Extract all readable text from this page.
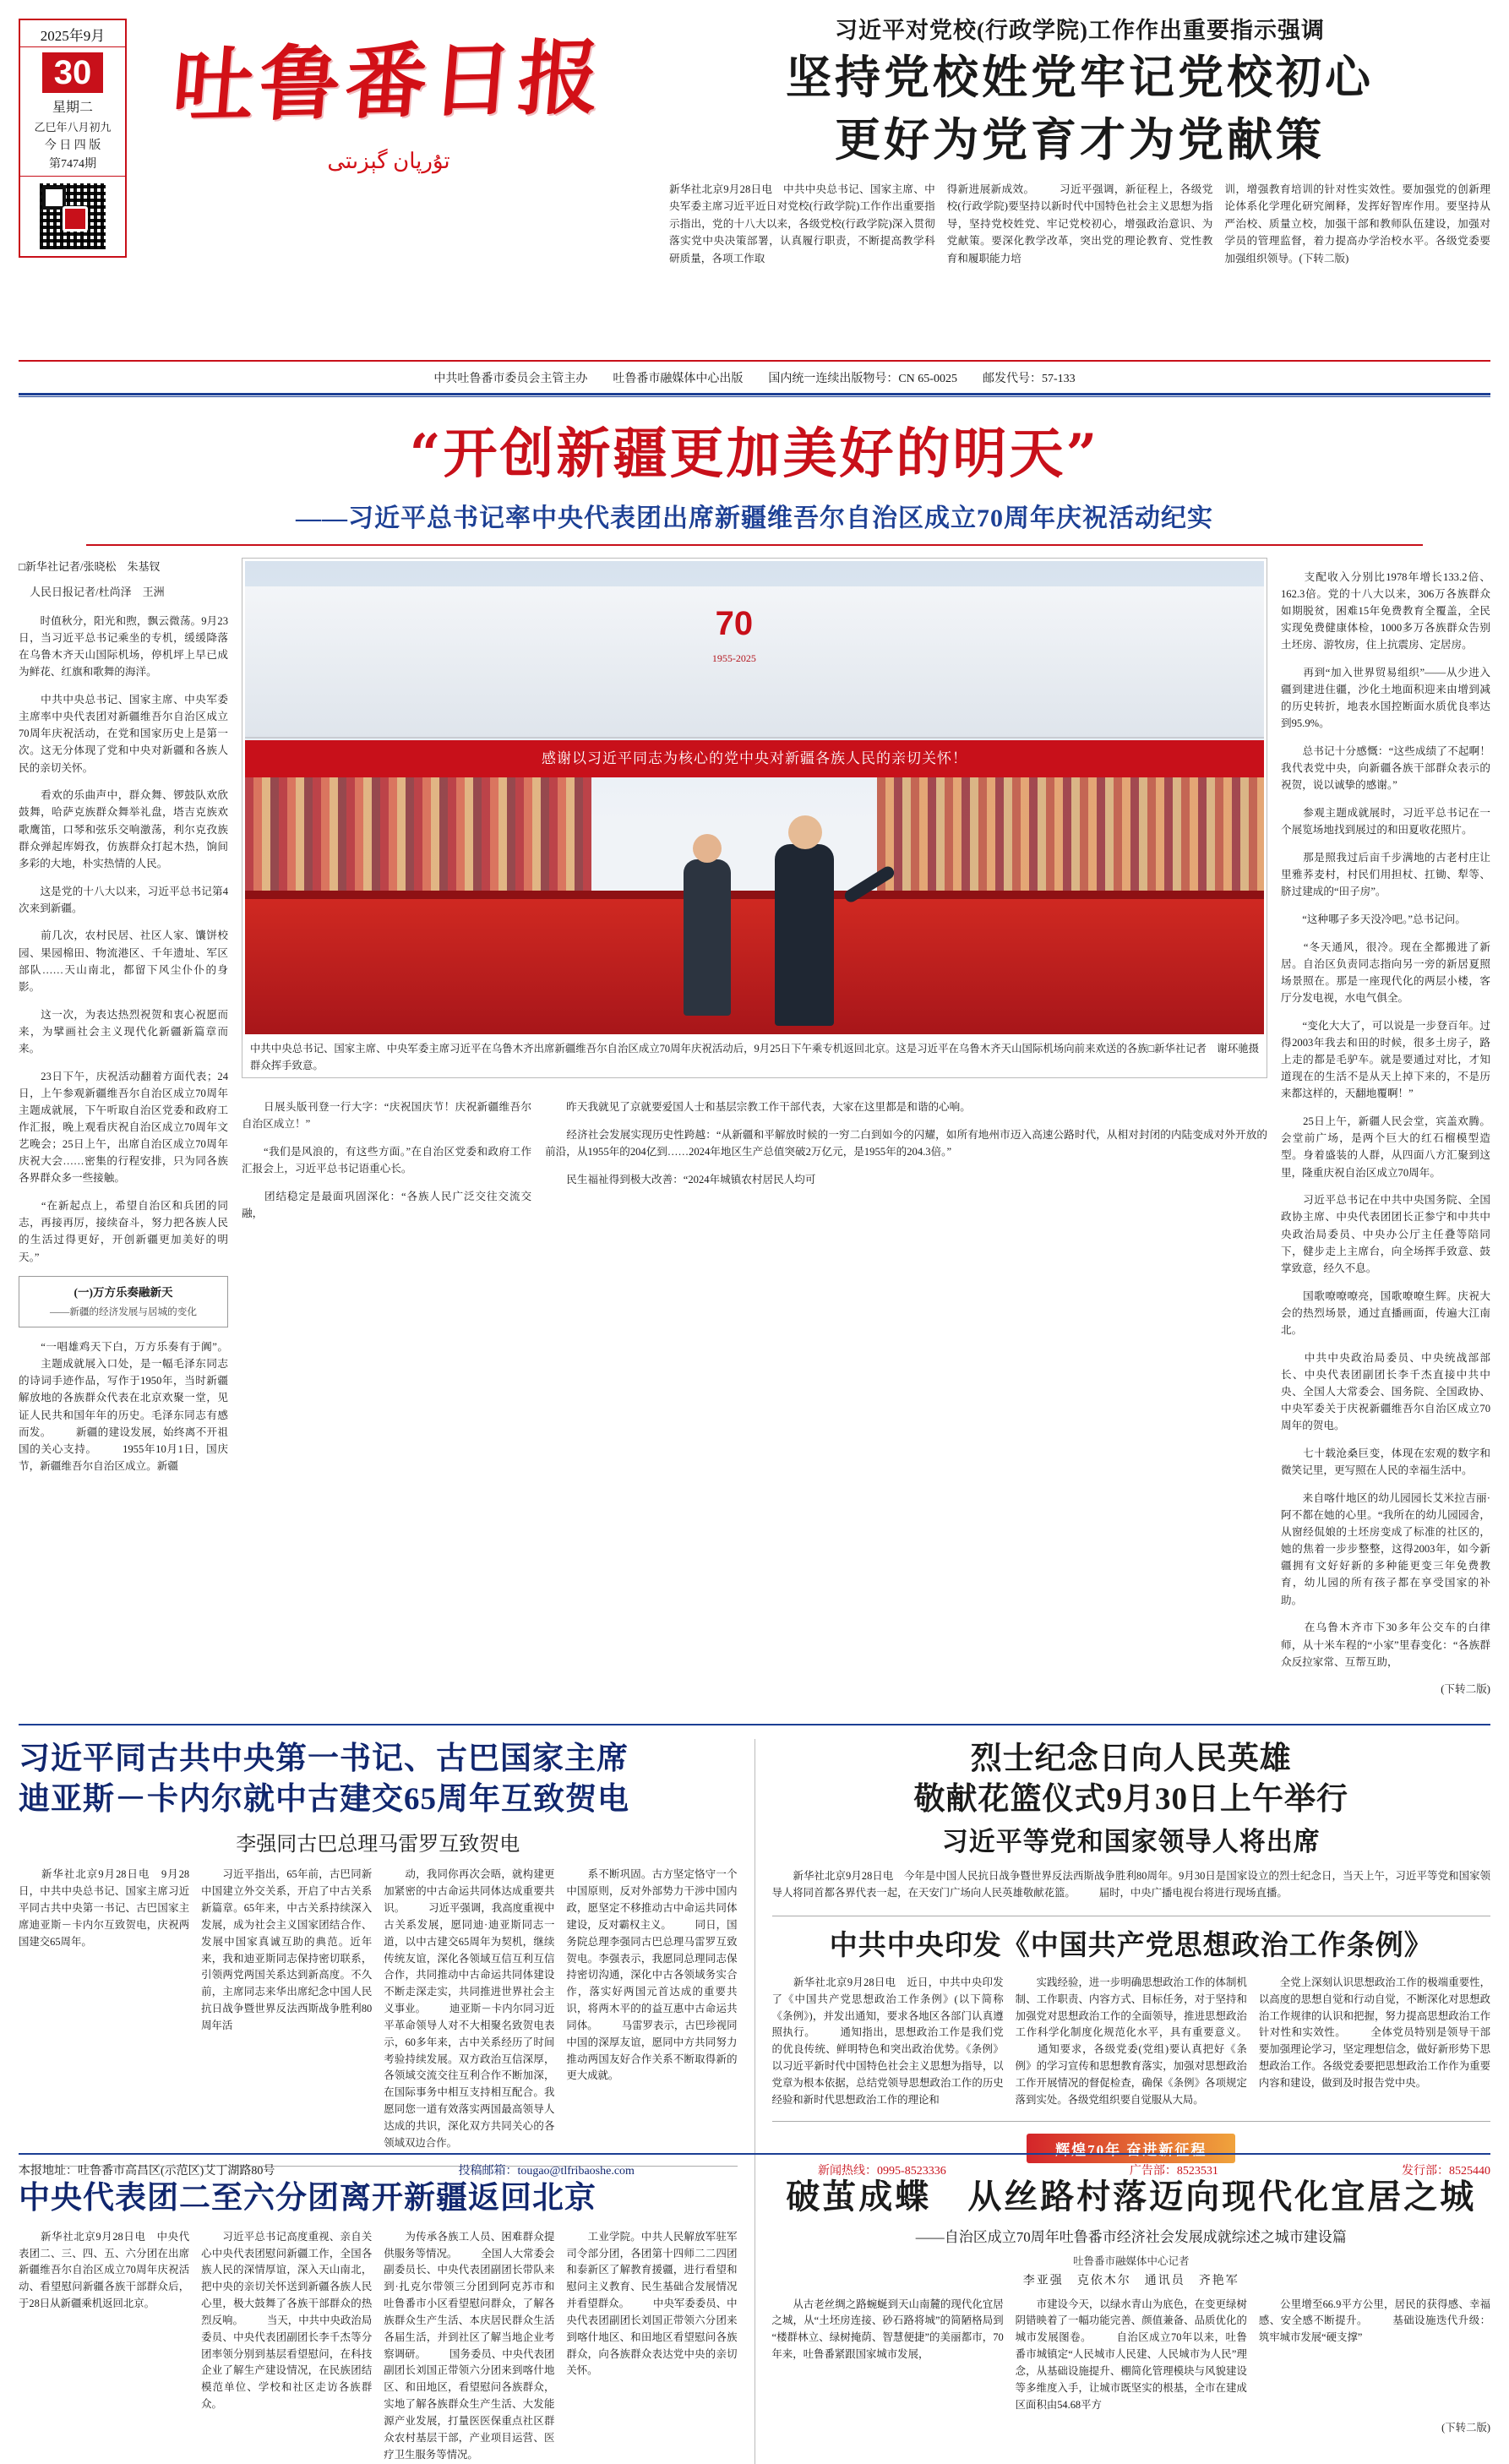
2025年9月
30
星期二
乙巳年八月初九
今 日 四 版
第7474期
吐鲁番日报
تۇرپان گېزىتى
习近平对党校(行政学院)工作作出重要指示强调
坚持党校姓党牢记党校初心
更好为党育才为党献策
新华社北京9月28日电　中共中央总书记、国家主席、中央军委主席习近平近日对党校(行政学院)工作作出重要指示指出，党的十八大以来，各级党校(行政学院)深入贯彻落实党中央决策部署，认真履行职责，不断提高教学科研质量，各项工作取
得新进展新成效。 　　习近平强调，新征程上，各级党校(行政学院)要坚持以新时代中国特色社会主义思想为指导，坚持党校姓党、牢记党校初心，增强政治意识、为党献策。要深化教学改革，突出党的理论教育、党性教育和履职能力培
训，增强教育培训的针对性实效性。要加强党的创新理论体系化学理化研究阐释，发挥好智库作用。要坚持从严治校、质量立校，加强干部和教师队伍建设，加强对学员的管理监督，着力提高办学治校水平。各级党委要加强组织领导。(下转二版)
中共吐鲁番市委员会主管主办 吐鲁番市融媒体中心出版 国内统一连续出版物号：CN 65-0025 邮发代号：57-133
“开创新疆更加美好的明天”
——习近平总书记率中央代表团出席新疆维吾尔自治区成立70周年庆祝活动纪实
□新华社记者/张晓松　朱基钗
　人民日报记者/杜尚泽　王洲

　　时值秋分，阳光和煦，飘云微荡。9月23日，当习近平总书记乘坐的专机，缓缓降落在乌鲁木齐天山国际机场，停机坪上早已成为鲜花、红旗和歌舞的海洋。

　　中共中央总书记、国家主席、中央军委主席率中央代表团对新疆维吾尔自治区成立70周年庆祝活动，在党和国家历史上是第一次。这无分体现了党和中央对新疆和各族人民的亲切关怀。

　　看欢的乐曲声中，群众舞、锣鼓队欢欣鼓舞，哈萨克族群众舞举礼盘，塔吉克族欢歌鹰笛，口琴和弦乐交响激荡，利尔克孜族群众弹起库姆孜，仿族群众打起木热，饷间多彩的大地，朴实热情的人民。

　　这是党的十八大以来，习近平总书记第4次来到新疆。

　　前几次，农村民居、社区人家、馕饼校园、果园棉田、物流港区、千年遗址、军区部队……天山南北，都留下风尘仆仆的身影。

　　这一次，为表达热烈祝贺和衷心祝愿而来，为擘画社会主义现代化新疆新篇章而来。

　　23日下午，庆祝活动翻着方面代表；24日，上午参观新疆维吾尔自治区成立70周年主题成就展，下午听取自治区党委和政府工作汇报，晚上观看庆祝自治区成立70周年文艺晚会；25日上午，出席自治区成立70周年庆祝大会……密集的行程安排，只为同各族各界群众多一些接触。

　　“在新起点上，希望自治区和兵团的同志，再接再厉，接续奋斗，努力把各族人民的生活过得更好，开创新疆更加美好的明天。”

(一)万方乐奏融新天
——新疆的经济发展与居城的变化

　　“一唱雄鸡天下白，万方乐奏有于阗”。 　　主题成就展入口处，是一幅毛泽东同志的诗词手迹作品，写作于1950年，当时新疆解放地的各族群众代表在北京欢聚一堂，见证人民共和国年年的历史。毛泽东同志有感而发。 　　新疆的建设发展，始终离不开祖国的关心支持。 　　1955年10月1日，国庆节，新疆维吾尔自治区成立。新疆

70
1955-2025
感谢以习近平同志为核心的党中央对新疆各族人民的亲切关怀！
□新华社记者　谢环驰摄
中共中央总书记、国家主席、中央军委主席习近平在乌鲁木齐出席新疆维吾尔自治区成立70周年庆祝活动后，9月25日下午乘专机返回北京。这是习近平在乌鲁木齐天山国际机场向前来欢送的各族群众挥手致意。

　　日展头版刊登一行大字：“庆祝国庆节！庆祝新疆维吾尔自治区成立！”

　　“我们是风浪的，有这些方面。”在自治区党委和政府工作汇报会上，习近平总书记语重心长。

　　团结稳定是最面巩固深化：“各族人民广泛交往交流交融，

　　昨天我就见了京就要爱国人士和基层宗教工作干部代表，大家在这里都是和谐的心响。

　　经济社会发展实现历史性跨越：“从新疆和平解放时候的一穷二白到如今的闪耀，如所有地州市迈入高速公路时代，从相对封闭的内陆变成对外开放的前沿，从1955年的204亿到……2024年地区生产总值突破2万亿元，是1955年的204.3倍。”

　　民生福祉得到极大改善：“2024年城镇农村居民人均可

　　支配收入分别比1978年增长133.2倍、162.3倍。党的十八大以来，306万各族群众如期脱贫，困难15年免费教育全覆盖，全民实现免费健康体检，1000多万各族群众告别土坯房、游牧房，住上抗震房、定居房。

　　再到“加入世界贸易组织”——从少进入疆到建进住疆，沙化土地面积迎来由增到减的历史转折，地表水国控断面水质优良率达到95.9%。

　　总书记十分感慨：“这些成绩了不起啊！我代表党中央，向新疆各族干部群众表示的祝贺，说以诚挚的感谢。”

　　参观主题成就展时，习近平总书记在一个展览场地找到展过的和田夏收花照片。

　　那是照我过后亩千步满地的古老村庄让里雅荞麦村，村民们用担杖、扛锄、犁等、脐过建成的“田子房”。

　　“这种哪子多天没冷吧。”总书记问。

　　“冬天通风，很冷。现在全都搬进了新居。自治区负责同志指向另一旁的新居夏照场景照在。那是一座现代化的两层小楼，客厅分发电视，水电气俱全。

　　“变化大大了，可以说是一步登百年。过得2003年我去和田的时候，很多土房子，路上走的都是毛驴车。就是要通过对比，才知道现在的生活不是从天上掉下来的，不是历来都这样的，天翻地覆啊！”

　　25日上午，新疆人民会堂，宾盖欢腾。会堂前广场，是两个巨大的红石榴模型造型。身着盛装的人群，从四面八方汇聚到这里，隆重庆祝自治区成立70周年。

　　习近平总书记在中共中央国务院、全国政协主席、中央代表团团长正参宁和中共中央政治局委员、中央办公厅主任叠等陪同下，健步走上主席台，向全场挥手致意、鼓掌致意，经久不息。

　　国歌嘹嘹嘹亮，国歌嘹嘹生辉。庆祝大会的热烈场景，通过直播画面，传遍大江南北。

　　中共中央政治局委员、中央统战部部长、中央代表团副团长李千杰直接中共中央、全国人大常委会、国务院、全国政协、中央军委关于庆祝新疆维吾尔自治区成立70周年的贺电。

　　七十载沧桑巨变，体现在宏观的数字和微笑记里，更写照在人民的幸福生活中。

　　来自喀什地区的幼儿园园长艾米拉吉丽·阿不都在她的心里。“我所在的幼儿园园舍，从窗经侃娘的土坯房变成了标准的社区的，她的焦着一步步整整，这得2003年，如今新疆拥有文好好新的多种能更变三年免费教育，幼儿园的所有孩子都在享受国家的补助。

　　在乌鲁木齐市下30多年公交车的白律师，从十米车程的“小家”里春变化：“各族群众反拉家常、互帮互助，

(下转二版)

习近平同古共中央第一书记、古巴国家主席
迪亚斯－卡内尔就中古建交65周年互致贺电
李强同古巴总理马雷罗互致贺电
　　新华社北京9月28日电　9月28日，中共中央总书记、国家主席习近平同古共中央第一书记、古巴国家主席迪亚斯－卡内尔互致贺电，庆祝两国建交65周年。
　　习近平指出，65年前，古巴同新中国建立外交关系，开启了中古关系新篇章。65年来，中古关系持续深入发展，成为社会主义国家团结合作、发展中国家真诚互助的典范。近年来，我和迪亚斯同志保持密切联系，引领两党两国关系达到新高度。不久前，主席同志来华出席纪念中国人民抗日战争暨世界反法西斯战争胜利80周年活
　　动，我同你再次会晤，就构建更加紧密的中古命运共同体达成重要共识。 　　习近平强调，我高度重视中古关系发展，愿同迪·迪亚斯同志一道，以中古建交65周年为契机，继续传统友谊，深化各领域互信互利互信合作，共同推动中古命运共同体建设不断走深走实，共同推进世界社会主义事业。 　　迪亚斯－卡内尔同习近平革命领导人对不大相聚名致贺电表示，60多年来，古中关系经历了时间考验持续发展。双方政治互信深厚，各领域交流交往互利合作不断加深，在国际事务中相互支持相互配合。我愿同您一道有效落实两国最高领导人达成的共识，深化双方共同关心的各领域双边合作。
　　系不断巩固。古方坚定恪守一个中国原则，反对外部势力干涉中国内政，愿坚定不移推动古中命运共同体建设，反对霸权主义。 　　同日，国务院总理李强同古巴总理马雷罗互致贺电。李强表示，我愿同总理同志保持密切沟通，深化中古各领域务实合作，落实好两国元首达成的重要共识，将两木平的的益互惠中古命运共同体。 　　马雷罗表示，古巴珍视同中国的深厚友谊，愿同中方共同努力推动两国友好合作关系不断取得新的更大成就。
中央代表团二至六分团离开新疆返回北京
　　新华社北京9月28日电　中央代表团二、三、四、五、六分团在出席新疆维吾尔自治区成立70周年庆祝活动、看望慰问新疆各族干部群众后，于28日从新疆乘机返回北京。
　　习近平总书记高度重视、亲自关心中央代表团慰问新疆工作，全国各族人民的深情厚谊，深入天山南北，把中央的亲切关怀送到新疆各族人民心里，极大鼓舞了各族干部群众的热烈反响。 　　当天，中共中央政治局委员、中央代表团副团长李千杰等分团率领分别到基层看望慰问，在科技企业了解生产建设情况，在民族团结模范单位、学校和社区走访各族群众。
　　为传承各族工人员、困难群众提供服务等情况。 　　全国人大常委会副委员长、中央代表团副团长带队来到·扎克尔带领三分团到阿克苏市和吐鲁番市小区看望慰问群众，了解各族群众生产生活、本庆居民群众生活各届生活，并到社区了解当地企业考察调研。 　　国务委员、中央代表团副团长刘国正带领六分团来到喀什地区、和田地区，看望慰问各族群众，实地了解各族群众生产生活、大发能源产业发展，打量医医保重点社区群众农村基层干部，产业项目运营、医疗卫生服务等情况。
　　工业学院。中共人民解放军驻军司令部分团，各团第十四师二二四团和泰新区了解教育援疆，进行看望和慰问主义教育、民生基础合发展情况并看望群众。 　　中央军委委员、中央代表团副团长刘国正带领六分团来到喀什地区、和田地区看望慰问各族群众，向各族群众表达党中央的亲切关怀。
烈士纪念日向人民英雄
敬献花篮仪式9月30日上午举行
习近平等党和国家领导人将出席
　　新华社北京9月28日电　今年是中国人民抗日战争暨世界反法西斯战争胜利80周年。9月30日是国家设立的烈士纪念日，当天上午，习近平等党和国家领导人将同首都各界代表一起，在天安门广场向人民英雄敬献花篮。 　　届时，中央广播电视台将进行现场直播。
中共中央印发《中国共产党思想政治工作条例》
　　新华社北京9月28日电　近日，中共中央印发了《中国共产党思想政治工作条例》(以下简称《条例》)，并发出通知，要求各地区各部门认真遵照执行。 　　通知指出，思想政治工作是我们党的优良传统、鲜明特色和突出政治优势。《条例》以习近平新时代中国特色社会主义思想为指导，以党章为根本依据，总结党领导思想政治工作的历史经验和新时代思想政治工作的理论和
　　实践经验，进一步明确思想政治工作的体制机制、工作职责、内容方式、目标任务，对于坚持和加强党对思想政治工作的全面领导，推进思想政治工作科学化制度化规范化水平，具有重要意义。 　　通知要求，各级党委(党组)要认真把好《条例》的学习宣传和思想教育落实，加强对思想政治工作开展情况的督促检查，确保《条例》各项规定落到实处。各级党组织要自觉服从大局。
　　全党上深刻认识思想政治工作的极端重要性，以高度的思想自觉和行动自觉，不断深化对思想政治工作规律的认识和把握，努力提高思想政治工作针对性和实效性。 　　全体党员特别是领导干部要加强理论学习，坚定理想信念，做好新形势下思想政治工作。各级党委要把思想政治工作作为重要内容和建设，做到及时报告党中央。
辉煌70年 奋进新征程
破茧成蝶　从丝路村落迈向现代化宜居之城
——自治区成立70周年吐鲁番市经济社会发展成就综述之城市建设篇
吐鲁番市融媒体中心记者
李亚强　克依木尔　通讯员　齐艳军
　　从古老丝绸之路蜿蜒到天山南麓的现代化宜居之城，从“土坯房连接、砂石路将城”的简陋格局到“楼群林立、绿树掩荫、智慧便捷”的美丽都市，70年来，吐鲁番紧跟国家城市发展，
　　市建设今天，以绿水青山为底色，在变更绿树阴错映着了一幅功能完善、颜值兼备、品质优化的城市发展图卷。 　　自治区成立70年以来，吐鲁番市城镇定“人民城市人民建、人民城市为人民”理念，从基础设施提升、棚简化管理模块与风貌建设等多维度入手，让城市既坚实的根基，全市在建成区面积由54.68平方
　　公里增至66.9平方公里，居民的获得感、幸福感、安全感不断提升。 　　基础设施迭代升级：筑牢城市发展“硬支撑”
(下转二版)
本报地址：吐鲁番市高昌区(示范区)艾丁湖路80号	投稿邮箱：tougao@tlfribaoshe.com	新闻热线：0995-8523336	广告部：8523531	发行部：8525440
